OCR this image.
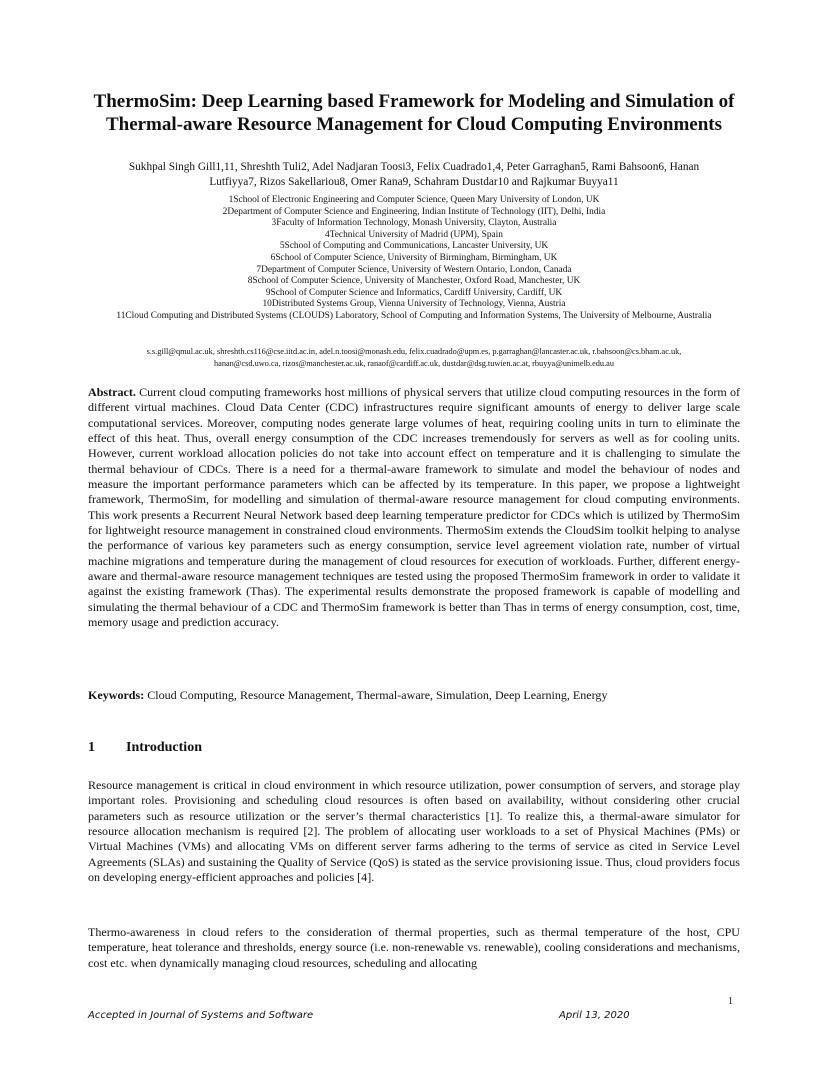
ThermoSim: Deep Learning based Framework for Modeling and Simulation of
Thermal-aware Resource Management for Cloud Computing Environments

Sukhpal Singh Gill1,11, Shreshth Tuli2, Adel Nadjaran Toosi3, Felix Cuadrado1,4, Peter Garraghan5, Rami Bahsoon6, Hanan
Lutfiyya7, Rizos Sakellariou8, Omer Rana9, Schahram Dustdar10 and Rajkumar Buyya11

1School of Electronic Engineering and Computer Science, Queen Mary University of London, UK
2Department of Computer Science and Engineering, Indian Institute of Technology (IIT), Delhi, India
3Faculty of Information Technology, Monash University, Clayton, Australia
4Technical University of Madrid (UPM), Spain
5School of Computing and Communications, Lancaster University, UK
6School of Computer Science, University of Birmingham, Birmingham, UK
7Department of Computer Science, University of Western Ontario, London, Canada
8School of Computer Science, University of Manchester, Oxford Road, Manchester, UK
9School of Computer Science and Informatics, Cardiff University, Cardiff, UK
10Distributed Systems Group, Vienna University of Technology, Vienna, Austria
11Cloud Computing and Distributed Systems (CLOUDS) Laboratory, School of Computing and Information Systems, The University of Melbourne, Australia
s.s.gill@qmul.ac.uk, shreshth.cs116@cse.iitd.ac.in, adel.n.toosi@monash.edu, felix.cuadrado@upm.es, p.garraghan@lancaster.ac.uk, r.bahsoon@cs.bham.ac.uk,
hanan@csd.uwo.ca, rizos@manchester.ac.uk, ranaof@cardiff.ac.uk, dustdar@dsg.tuwien.ac.at, rbuyya@unimelb.edu.au

Abstract. Current cloud computing frameworks host millions of physical servers that utilize cloud computing resources in the form of different virtual machines. Cloud Data Center (CDC) infrastructures require significant amounts of energy to deliver large scale computational services. Moreover, computing nodes generate large volumes of heat, requiring cooling units in turn to eliminate the effect of this heat. Thus, overall energy consumption of the CDC increases tremendously for servers as well as for cooling units. However, current workload allocation policies do not take into account effect on temperature and it is challenging to simulate the thermal behaviour of CDCs. There is a need for a thermal-aware framework to simulate and model the behaviour of nodes and measure the important performance parameters which can be affected by its temperature. In this paper, we propose a lightweight framework, ThermoSim, for modelling and simulation of thermal-aware resource management for cloud computing environments. This work presents a Recurrent Neural Network based deep learning temperature predictor for CDCs which is utilized by ThermoSim for lightweight resource management in constrained cloud environments. ThermoSim extends the CloudSim toolkit helping to analyse the performance of various key parameters such as energy consumption, service level agreement violation rate, number of virtual machine migrations and temperature during the management of cloud resources for execution of workloads. Further, different energy-aware and thermal-aware resource management techniques are tested using the proposed ThermoSim framework in order to validate it against the existing framework (Thas). The experimental results demonstrate the proposed framework is capable of modelling and simulating the thermal behaviour of a CDC and ThermoSim framework is better than Thas in terms of energy consumption, cost, time, memory usage and prediction accuracy.

Keywords: Cloud Computing, Resource Management, Thermal-aware, Simulation, Deep Learning, Energy

1 Introduction

Resource management is critical in cloud environment in which resource utilization, power consumption of servers, and storage play important roles. Provisioning and scheduling cloud resources is often based on availability, without considering other crucial parameters such as resource utilization or the server’s thermal characteristics [1]. To realize this, a thermal-aware simulator for resource allocation mechanism is required [2]. The problem of allocating user workloads to a set of Physical Machines (PMs) or Virtual Machines (VMs) and allocating VMs on different server farms adhering to the terms of service as cited in Service Level Agreements (SLAs) and sustaining the Quality of Service (QoS) is stated as the service provisioning issue. Thus, cloud providers focus on developing energy-efficient approaches and policies [4].

Thermo-awareness in cloud refers to the consideration of thermal properties, such as thermal temperature of the host, CPU temperature, heat tolerance and thresholds, energy source (i.e. non-renewable vs. renewable), cooling considerations and mechanisms, cost etc. when dynamically managing cloud resources, scheduling and allocating

1
Accepted in Journal of Systems and Software	April 13, 2020
